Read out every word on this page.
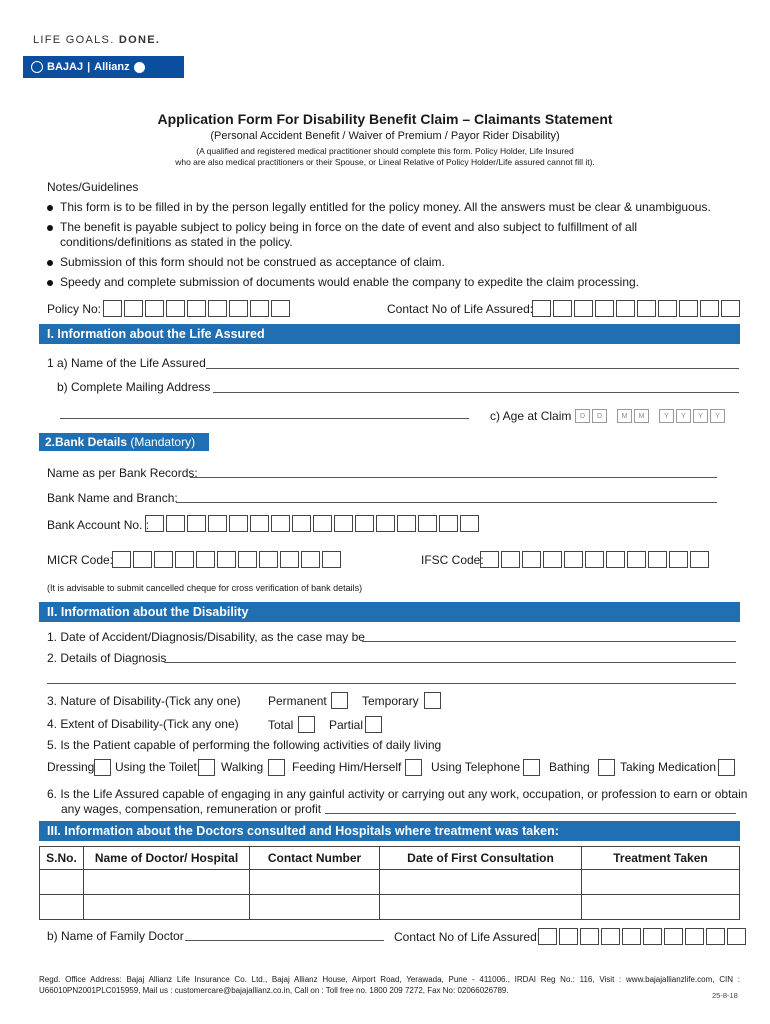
LIFE GOALS. DONE.
BAJAJ | Allianz
Application Form For Disability Benefit Claim – Claimants Statement
(Personal Accident Benefit / Waiver of Premium / Payor Rider Disability)
(A qualified and registered medical practitioner should complete this form. Policy Holder, Life Insured
who are also medical practitioners or their Spouse, or Lineal Relative of Policy Holder/Life assured cannot fill it).
Notes/Guidelines
This form is to be filled in by the person legally entitled for the policy money. All the answers must be clear & unambiguous.
The benefit is payable subject to policy being in force on the date of event and also subject to fulfillment of all
conditions/definitions as stated in the policy.
Submission of this form should not be construed as acceptance of claim.
Speedy and complete submission of documents would enable the company to expedite the claim processing.
Policy No:	Contact No of Life Assured:
I. Information about the Life Assured
1 a) Name of the Life Assured
b) Complete Mailing Address
c) Age at Claim	D	D	M	M	Y	Y	Y	Y
2.Bank Details (Mandatory)
Name as per Bank Records:
Bank Name and Branch:
Bank Account No. :
MICR Code:	IFSC Code:
(It is advisable to submit cancelled cheque for cross verification of bank details)
II. Information about the Disability
1. Date of Accident/Diagnosis/Disability, as the case may be
2. Details of Diagnosis
3. Nature of Disability-(Tick any one) Permanent	Temporary
4. Extent of Disability-(Tick any one) Total	Partial
5. Is the Patient capable of performing the following activities of daily living
Dressing Using the Toilet Walking Feeding Him/Herself Using Telephone Bathing	Taking Medication
6. Is the Life Assured capable of engaging in any gainful activity or carrying out any work, occupation, or profession to earn or obtain
any wages, compensation, remuneration or profit
III. Information about the Doctors consulted and Hospitals where treatment was taken:
S.No.	Name of Doctor/ Hospital	Contact Number	Date of First Consultation	Treatment Taken

b) Name of Family Doctor	Contact No of Life Assured:
Regd. Office Address: Bajaj Allianz Life Insurance Co. Ltd., Bajaj Allianz House, Airport Road, Yerawada, Pune - 411006., IRDAI Reg No.: 116, Visit : www.bajajallianzlife.com, CIN : U66010PN2001PLC015959, Mail us : customercare@bajajallianz.co.in, Call on : Toll free no. 1800 209 7272, Fax No: 02066026789.
25-8-18
